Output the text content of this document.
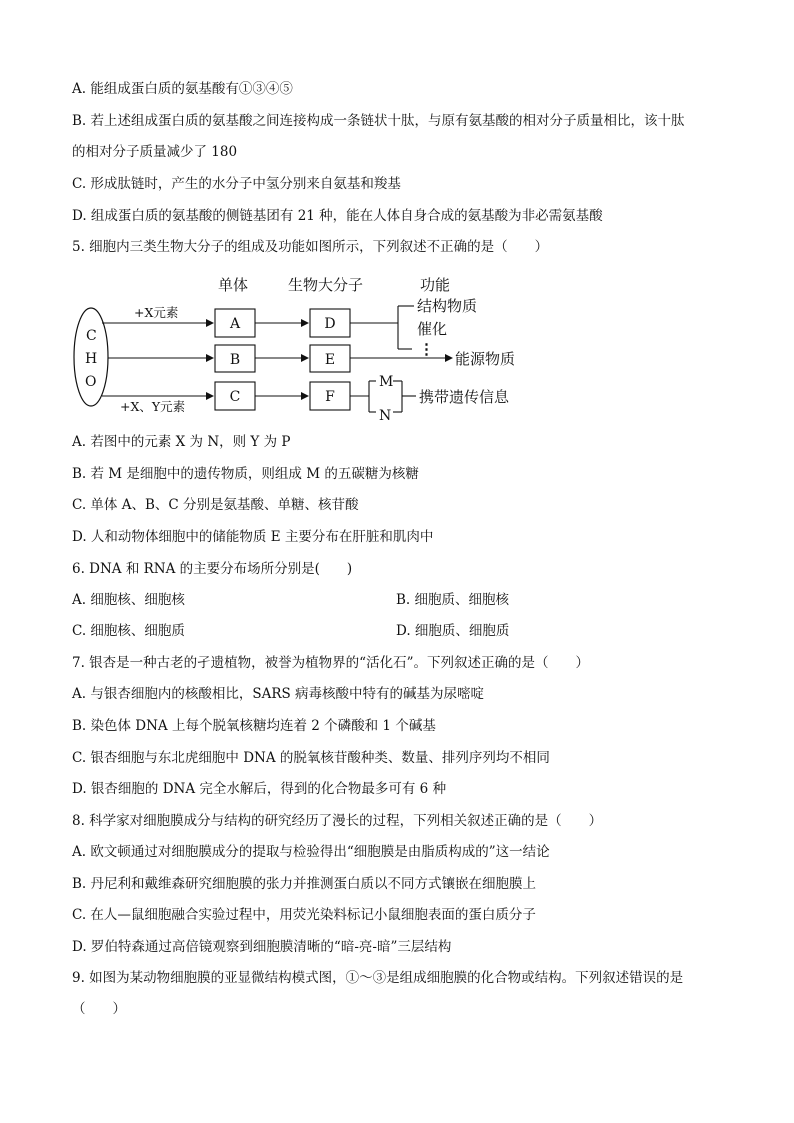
A. 能组成蛋白质的氨基酸有①③④⑤
B. 若上述组成蛋白质的氨基酸之间连接构成一条链状十肽，与原有氨基酸的相对分子质量相比，该十肽
的相对分子质量减少了 180
C. 形成肽链时，产生的水分子中氢分别来自氨基和羧基
D. 组成蛋白质的氨基酸的侧链基团有 21 种，能在人体自身合成的氨基酸为非必需氨基酸
5. 细胞内三类生物大分子的组成及功能如图所示，下列叙述不正确的是（　　）
单体	生物大分子	功能
C
H
O
+X元素
+X、Y元素
A
B
C
D
E
F
结构物质
催化
⋮
能源物质
M
N
携带遗传信息
A. 若图中的元素 X 为 N，则 Y 为 P
B. 若 M 是细胞中的遗传物质，则组成 M 的五碳糖为核糖
C. 单体 A、B、C 分别是氨基酸、单糖、核苷酸
D. 人和动物体细胞中的储能物质 E 主要分布在肝脏和肌肉中
6. DNA 和 RNA 的主要分布场所分别是(　　)
A. 细胞核、细胞核	B. 细胞质、细胞核
C. 细胞核、细胞质	D. 细胞质、细胞质
7. 银杏是一种古老的孑遗植物，被誉为植物界的“活化石”。下列叙述正确的是（　　）
A. 与银杏细胞内的核酸相比，SARS 病毒核酸中特有的碱基为尿嘧啶
B. 染色体 DNA 上每个脱氧核糖均连着 2 个磷酸和 1 个碱基
C. 银杏细胞与东北虎细胞中 DNA 的脱氧核苷酸种类、数量、排列序列均不相同
D. 银杏细胞的 DNA 完全水解后，得到的化合物最多可有 6 种
8. 科学家对细胞膜成分与结构的研究经历了漫长的过程，下列相关叙述正确的是（　　）
A. 欧文顿通过对细胞膜成分的提取与检验得出“细胞膜是由脂质构成的”这一结论
B. 丹尼利和戴维森研究细胞膜的张力并推测蛋白质以不同方式镶嵌在细胞膜上
C. 在人—鼠细胞融合实验过程中，用荧光染料标记小鼠细胞表面的蛋白质分子
D. 罗伯特森通过高倍镜观察到细胞膜清晰的“暗-亮-暗”三层结构
9. 如图为某动物细胞膜的亚显微结构模式图，①～③是组成细胞膜的化合物或结构。下列叙述错误的是
（　　）
